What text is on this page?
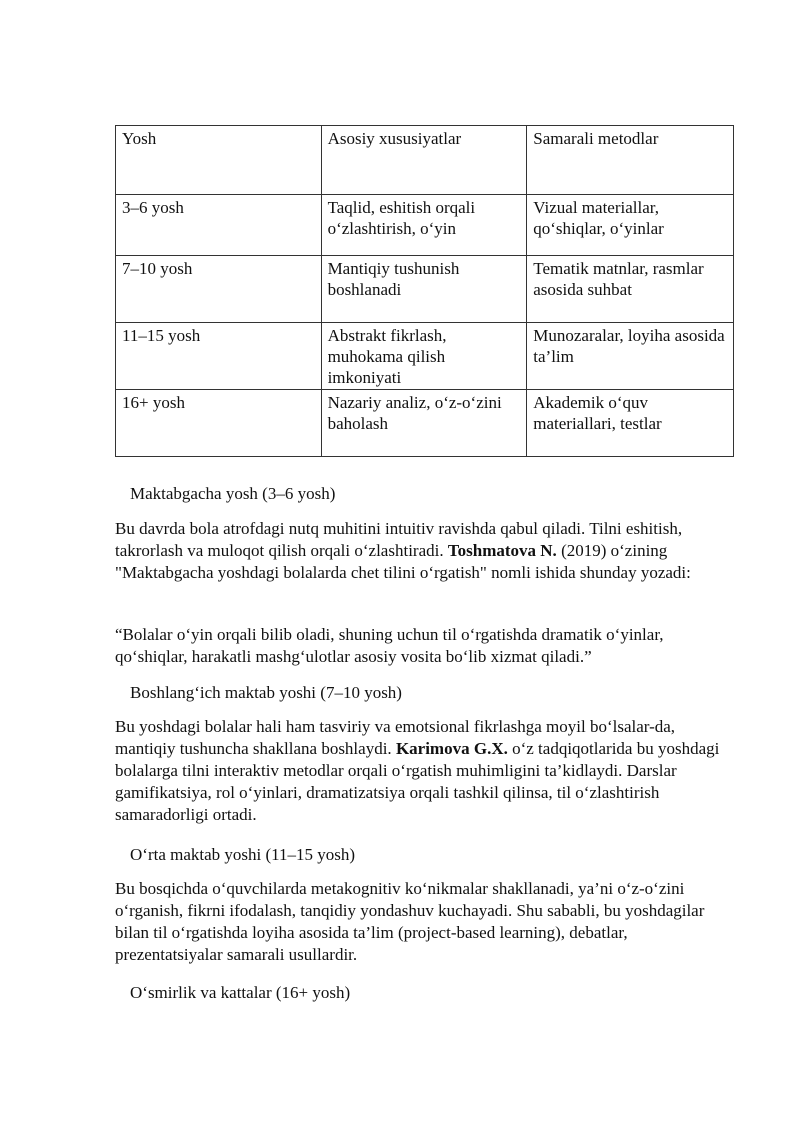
Yosh	Asosiy xususіyatlar	Samarali metodlar
3–6 yosh	Taqlid, eshitish orqali o‘zlashtirish, o‘yin	Vizual materiallar, qo‘shiqlar, o‘yinlar
7–10 yosh	Mantiqiy tushunish boshlanadi	Tematik matnlar, rasmlar asosida suhbat
11–15 yosh	Abstrakt fikrlash, muhokama qilish imkoniyati	Munozaralar, loyiha asosida ta’lim
16+ yosh	Nazariy analiz, o‘z-o‘zini baholash	Akademik o‘quv materiallari, testlar
Maktabgacha yosh (3–6 yosh)
Bu davrda bola atrofdagi nutq muhitini intuitiv ravishda qabul qiladi. Tilni eshitish, takrorlash va muloqot qilish orqali o‘zlashtiradi. Toshmatova N. (2019) o‘zining "Maktabgacha yoshdagi bolalarda chet tilini o‘rgatish" nomli ishida shunday yozadi:
“Bolalar o‘yin orqali bilib oladi, shuning uchun til o‘rgatishda dramatik o‘yinlar, qo‘shiqlar, harakatli mashg‘ulotlar asosiy vosita bo‘lib xizmat qiladi.”
Boshlang‘ich maktab yoshi (7–10 yosh)
Bu yoshdagi bolalar hali ham tasviriy va emotsional fikrlashga moyil bo‘lsalar-da, mantiqiy tushuncha shakllana boshlaydi. Karimova G.X. o‘z tadqiqotlarida bu yoshdagi bolalarga tilni interaktiv metodlar orqali o‘rgatish muhimligini ta’kidlaydi. Darslar gamifikatsiya, rol o‘yinlari, dramatizatsiya orqali tashkil qilinsa, til o‘zlashtirish samaradorligi ortadi.
O‘rta maktab yoshi (11–15 yosh)
Bu bosqichda o‘quvchilarda metakognitiv ko‘nikmalar shakllanadi, ya’ni o‘z-o‘zini o‘rganish, fikrni ifodalash, tanqidiy yondashuv kuchayadi. Shu sababli, bu yoshdagilar bilan til o‘rgatishda loyiha asosida ta’lim (project-based learning), debatlar, prezentatsiyalar samarali usullardir.
O‘smirlik va kattalar (16+ yosh)
